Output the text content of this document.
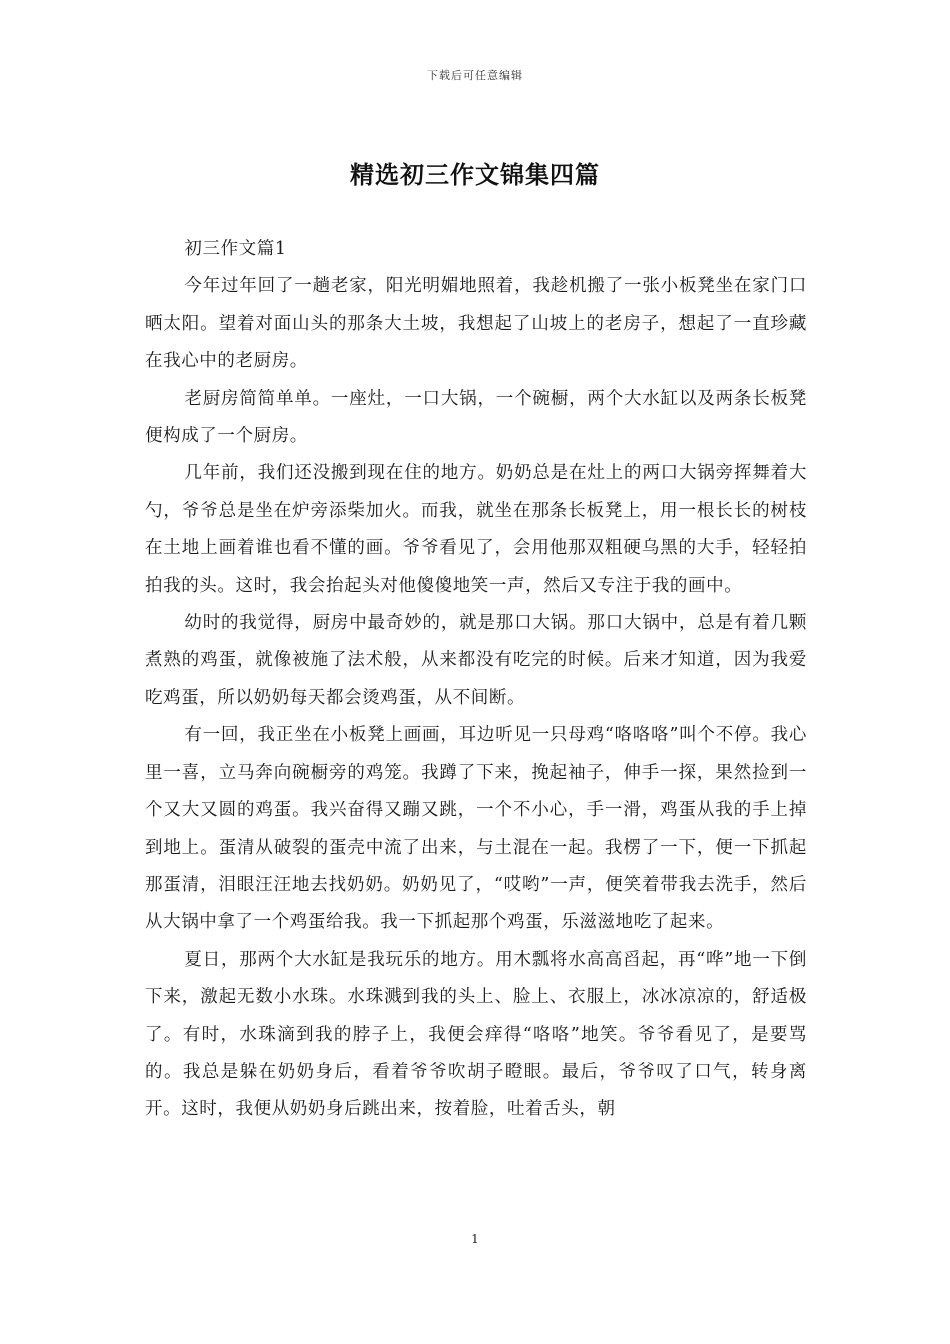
下载后可任意编辑
精选初三作文锦集四篇

初三作文篇1

今年过年回了一趟老家，阳光明媚地照着，我趁机搬了一张小板凳坐在家门口晒太阳。望着对面山头的那条大土坡，我想起了山坡上的老房子，想起了一直珍藏在我心中的老厨房。

老厨房简简单单。一座灶，一口大锅，一个碗橱，两个大水缸以及两条长板凳便构成了一个厨房。

几年前，我们还没搬到现在住的地方。奶奶总是在灶上的两口大锅旁挥舞着大勺，爷爷总是坐在炉旁添柴加火。而我，就坐在那条长板凳上，用一根长长的树枝在土地上画着谁也看不懂的画。爷爷看见了，会用他那双粗硬乌黑的大手，轻轻拍拍我的头。这时，我会抬起头对他傻傻地笑一声，然后又专注于我的画中。

幼时的我觉得，厨房中最奇妙的，就是那口大锅。那口大锅中，总是有着几颗煮熟的鸡蛋，就像被施了法术般，从来都没有吃完的时候。后来才知道，因为我爱吃鸡蛋，所以奶奶每天都会烫鸡蛋，从不间断。

有一回，我正坐在小板凳上画画，耳边听见一只母鸡“咯咯咯”叫个不停。我心里一喜，立马奔向碗橱旁的鸡笼。我蹲了下来，挽起袖子，伸手一探，果然捡到一个又大又圆的鸡蛋。我兴奋得又蹦又跳，一个不小心，手一滑，鸡蛋从我的手上掉到地上。蛋清从破裂的蛋壳中流了出来，与土混在一起。我楞了一下，便一下抓起那蛋清，泪眼汪汪地去找奶奶。奶奶见了，“哎哟”一声，便笑着带我去洗手，然后从大锅中拿了一个鸡蛋给我。我一下抓起那个鸡蛋，乐滋滋地吃了起来。

夏日，那两个大水缸是我玩乐的地方。用木瓢将水高高舀起，再“哗”地一下倒下来，激起无数小水珠。水珠溅到我的头上、脸上、衣服上，冰冰凉凉的，舒适极了。有时，水珠滴到我的脖子上，我便会痒得“咯咯”地笑。爷爷看见了，是要骂的。我总是躲在奶奶身后，看着爷爷吹胡子瞪眼。最后，爷爷叹了口气，转身离开。这时，我便从奶奶身后跳出来，按着脸，吐着舌头，朝

1
